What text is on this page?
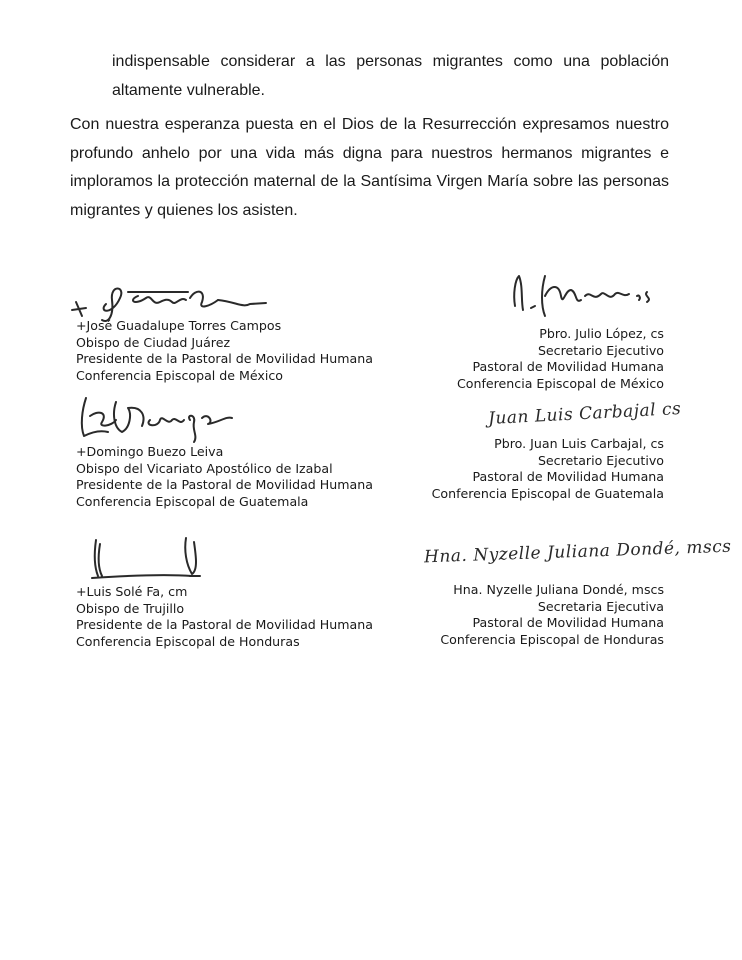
indispensable considerar a las personas migrantes como una población altamente vulnerable.

Con nuestra esperanza puesta en el Dios de la Resurrección expresamos nuestro profundo anhelo por una vida más digna para nuestros hermanos migrantes e imploramos la protección maternal de la Santísima Virgen María sobre las personas migrantes y quienes los asisten.

+José Guadalupe Torres Campos
Obispo de Ciudad Juárez
Presidente de la Pastoral de Movilidad Humana
Conferencia Episcopal de México
Pbro. Julio López, cs
Secretario Ejecutivo
Pastoral de Movilidad Humana
Conferencia Episcopal de México
+Domingo Buezo Leiva
Obispo del Vicariato Apostólico de Izabal
Presidente de la Pastoral de Movilidad Humana
Conferencia Episcopal de Guatemala
Juan Luis Carbajal cs
Pbro. Juan Luis Carbajal, cs
Secretario Ejecutivo
Pastoral de Movilidad Humana
Conferencia Episcopal de Guatemala
+Luis Solé Fa, cm
Obispo de Trujillo
Presidente de la Pastoral de Movilidad Humana
Conferencia Episcopal de Honduras
Hna. Nyzelle Juliana Dondé, mscs
Hna. Nyzelle Juliana Dondé, mscs
Secretaria Ejecutiva
Pastoral de Movilidad Humana
Conferencia Episcopal de Honduras
